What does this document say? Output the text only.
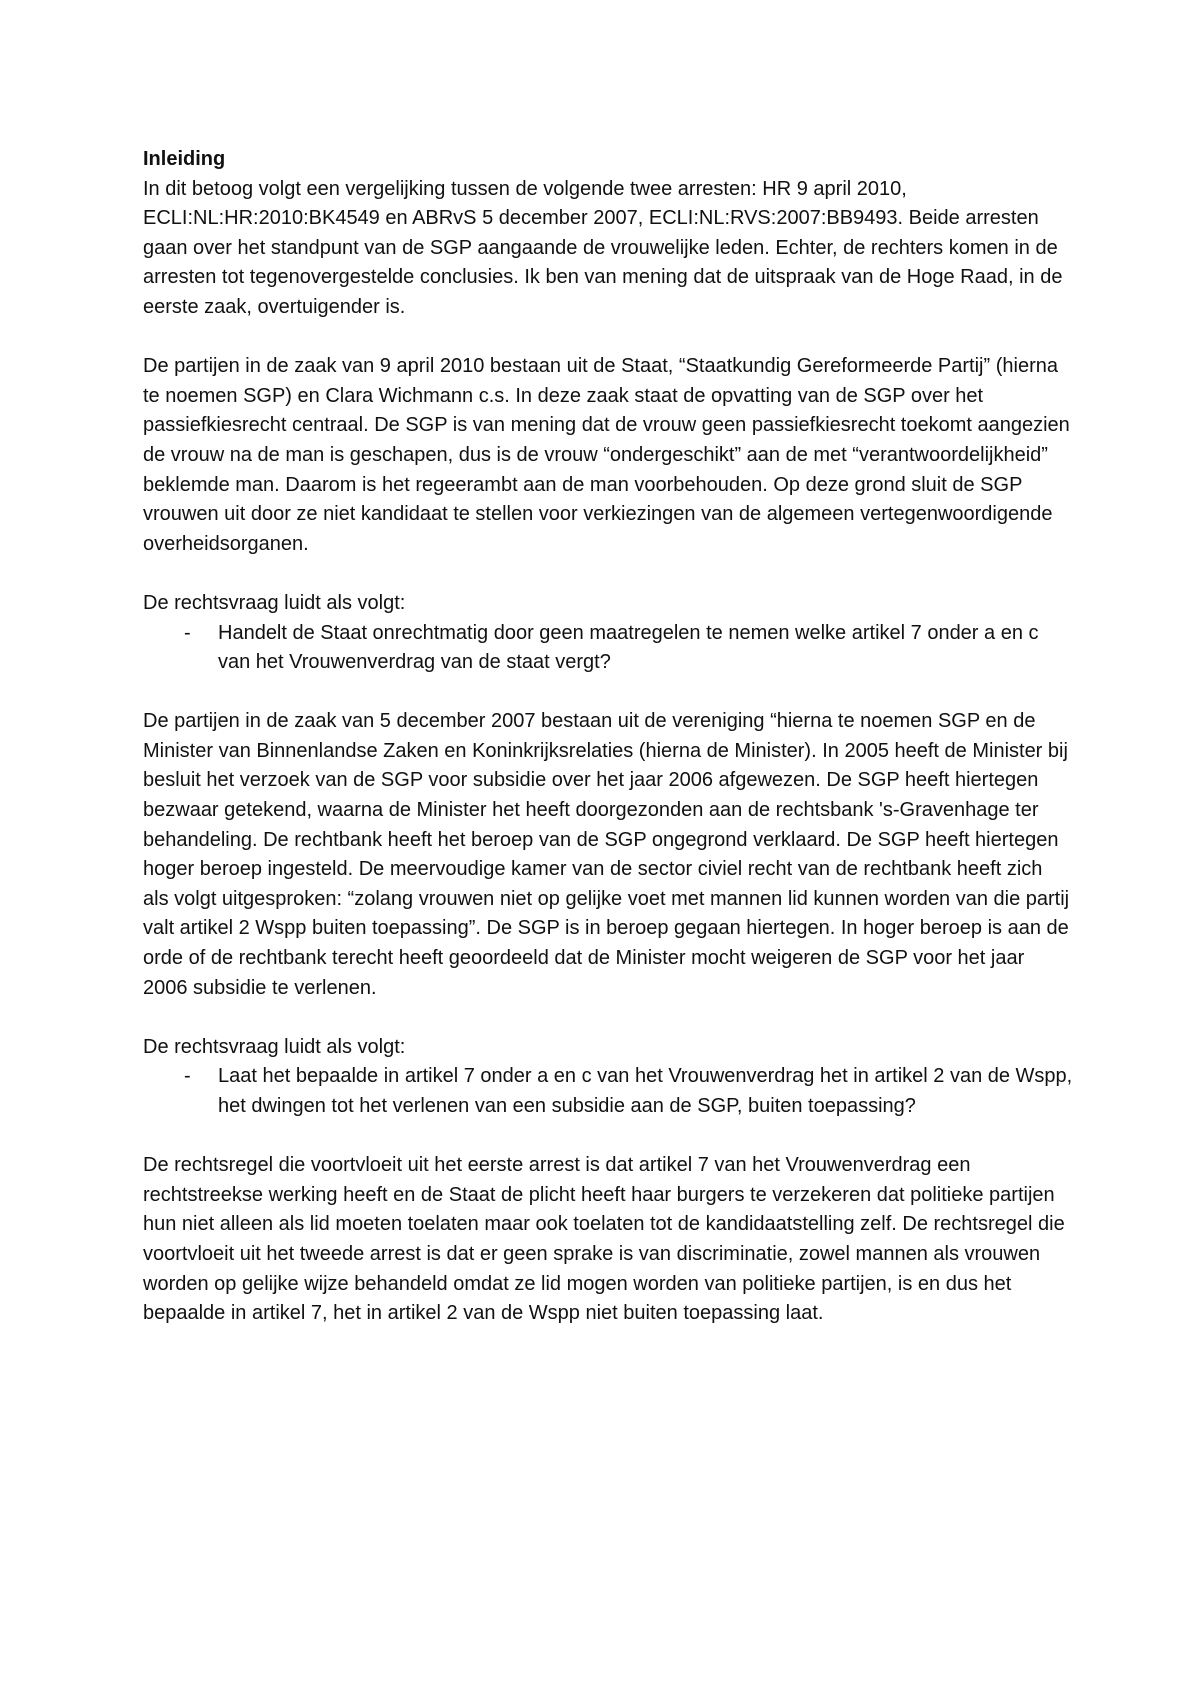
Inleiding

In dit betoog volgt een vergelijking tussen de volgende twee arresten: HR 9 april 2010, ECLI:NL:HR:2010:BK4549 en ABRvS 5 december 2007, ECLI:NL:RVS:2007:BB9493. Beide arresten gaan over het standpunt van de SGP aangaande de vrouwelijke leden. Echter, de rechters komen in de arresten tot tegenovergestelde conclusies. Ik ben van mening dat de uitspraak van de Hoge Raad, in de eerste zaak, overtuigender is.

De partijen in de zaak van 9 april 2010 bestaan uit de Staat, “Staatkundig Gereformeerde Partij” (hierna te noemen SGP) en Clara Wichmann c.s. In deze zaak staat de opvatting van de SGP over het passiefkiesrecht centraal. De SGP is van mening dat de vrouw geen passiefkiesrecht toekomt aangezien de vrouw na de man is geschapen, dus is de vrouw “ondergeschikt” aan de met “verantwoordelijkheid” beklemde man. Daarom is het regeerambt aan de man voorbehouden. Op deze grond sluit de SGP vrouwen uit door ze niet kandidaat te stellen voor verkiezingen van de algemeen vertegenwoordigende overheidsorganen.

De rechtsvraag luidt als volgt:

- Handelt de Staat onrechtmatig door geen maatregelen te nemen welke artikel 7 onder a en c van het Vrouwenverdrag van de staat vergt?

De partijen in de zaak van 5 december 2007 bestaan uit de vereniging “hierna te noemen SGP en de Minister van Binnenlandse Zaken en Koninkrijksrelaties (hierna de Minister). In 2005 heeft de Minister bij besluit het verzoek van de SGP voor subsidie over het jaar 2006 afgewezen. De SGP heeft hiertegen bezwaar getekend, waarna de Minister het heeft doorgezonden aan de rechtsbank 's-Gravenhage ter behandeling. De rechtbank heeft het beroep van de SGP ongegrond verklaard. De SGP heeft hiertegen hoger beroep ingesteld. De meervoudige kamer van de sector civiel recht van de rechtbank heeft zich als volgt uitgesproken: “zolang vrouwen niet op gelijke voet met mannen lid kunnen worden van die partij valt artikel 2 Wspp buiten toepassing”. De SGP is in beroep gegaan hiertegen. In hoger beroep is aan de orde of de rechtbank terecht heeft geoordeeld dat de Minister mocht weigeren de SGP voor het jaar 2006 subsidie te verlenen.

De rechtsvraag luidt als volgt:

- Laat het bepaalde in artikel 7 onder a en c van het Vrouwenverdrag het in artikel 2 van de Wspp, het dwingen tot het verlenen van een subsidie aan de SGP, buiten toepassing?

De rechtsregel die voortvloeit uit het eerste arrest is dat artikel 7 van het Vrouwenverdrag een rechtstreekse werking heeft en de Staat de plicht heeft haar burgers te verzekeren dat politieke partijen hun niet alleen als lid moeten toelaten maar ook toelaten tot de kandidaatstelling zelf. De rechtsregel die voortvloeit uit het tweede arrest is dat er geen sprake is van discriminatie, zowel mannen als vrouwen worden op gelijke wijze behandeld omdat ze lid mogen worden van politieke partijen, is en dus het bepaalde in artikel 7, het in artikel 2 van de Wspp niet buiten toepassing laat.
